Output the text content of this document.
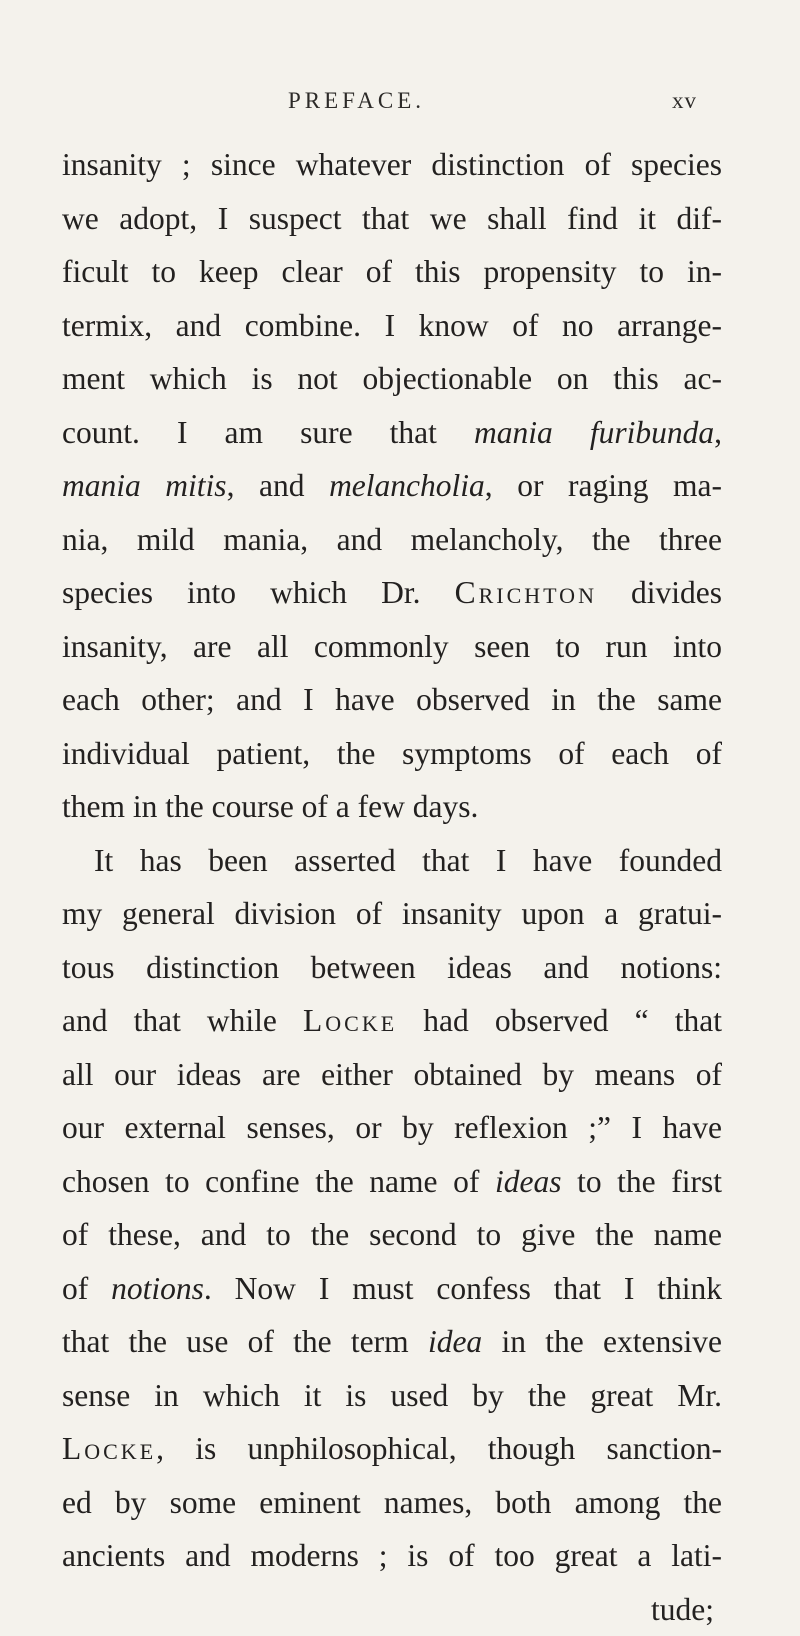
PREFACE.	xv
insanity ; since whatever distinction of species
we adopt, I suspect that we shall find it dif-
ficult to keep clear of this propensity to in-
termix, and combine. I know of no arrange-
ment which is not objectionable on this ac-
count. I am sure that mania furibunda,
mania mitis, and melancholia, or raging ma-
nia, mild mania, and melancholy, the three
species into which Dr. Crichton divides
insanity, are all commonly seen to run into
each other; and I have observed in the same
individual patient, the symptoms of each of
them in the course of a few days.
It has been asserted that I have founded
my general division of insanity upon a gratui-
tous distinction between ideas and notions:
and that while Locke had observed “ that
all our ideas are either obtained by means of
our external senses, or by reflexion ;” I have
chosen to confine the name of ideas to the first
of these, and to the second to give the name
of notions. Now I must confess that I think
that the use of the term idea in the extensive
sense in which it is used by the great Mr.
Locke, is unphilosophical, though sanction-
ed by some eminent names, both among the
ancients and moderns ; is of too great a lati-
tude;
